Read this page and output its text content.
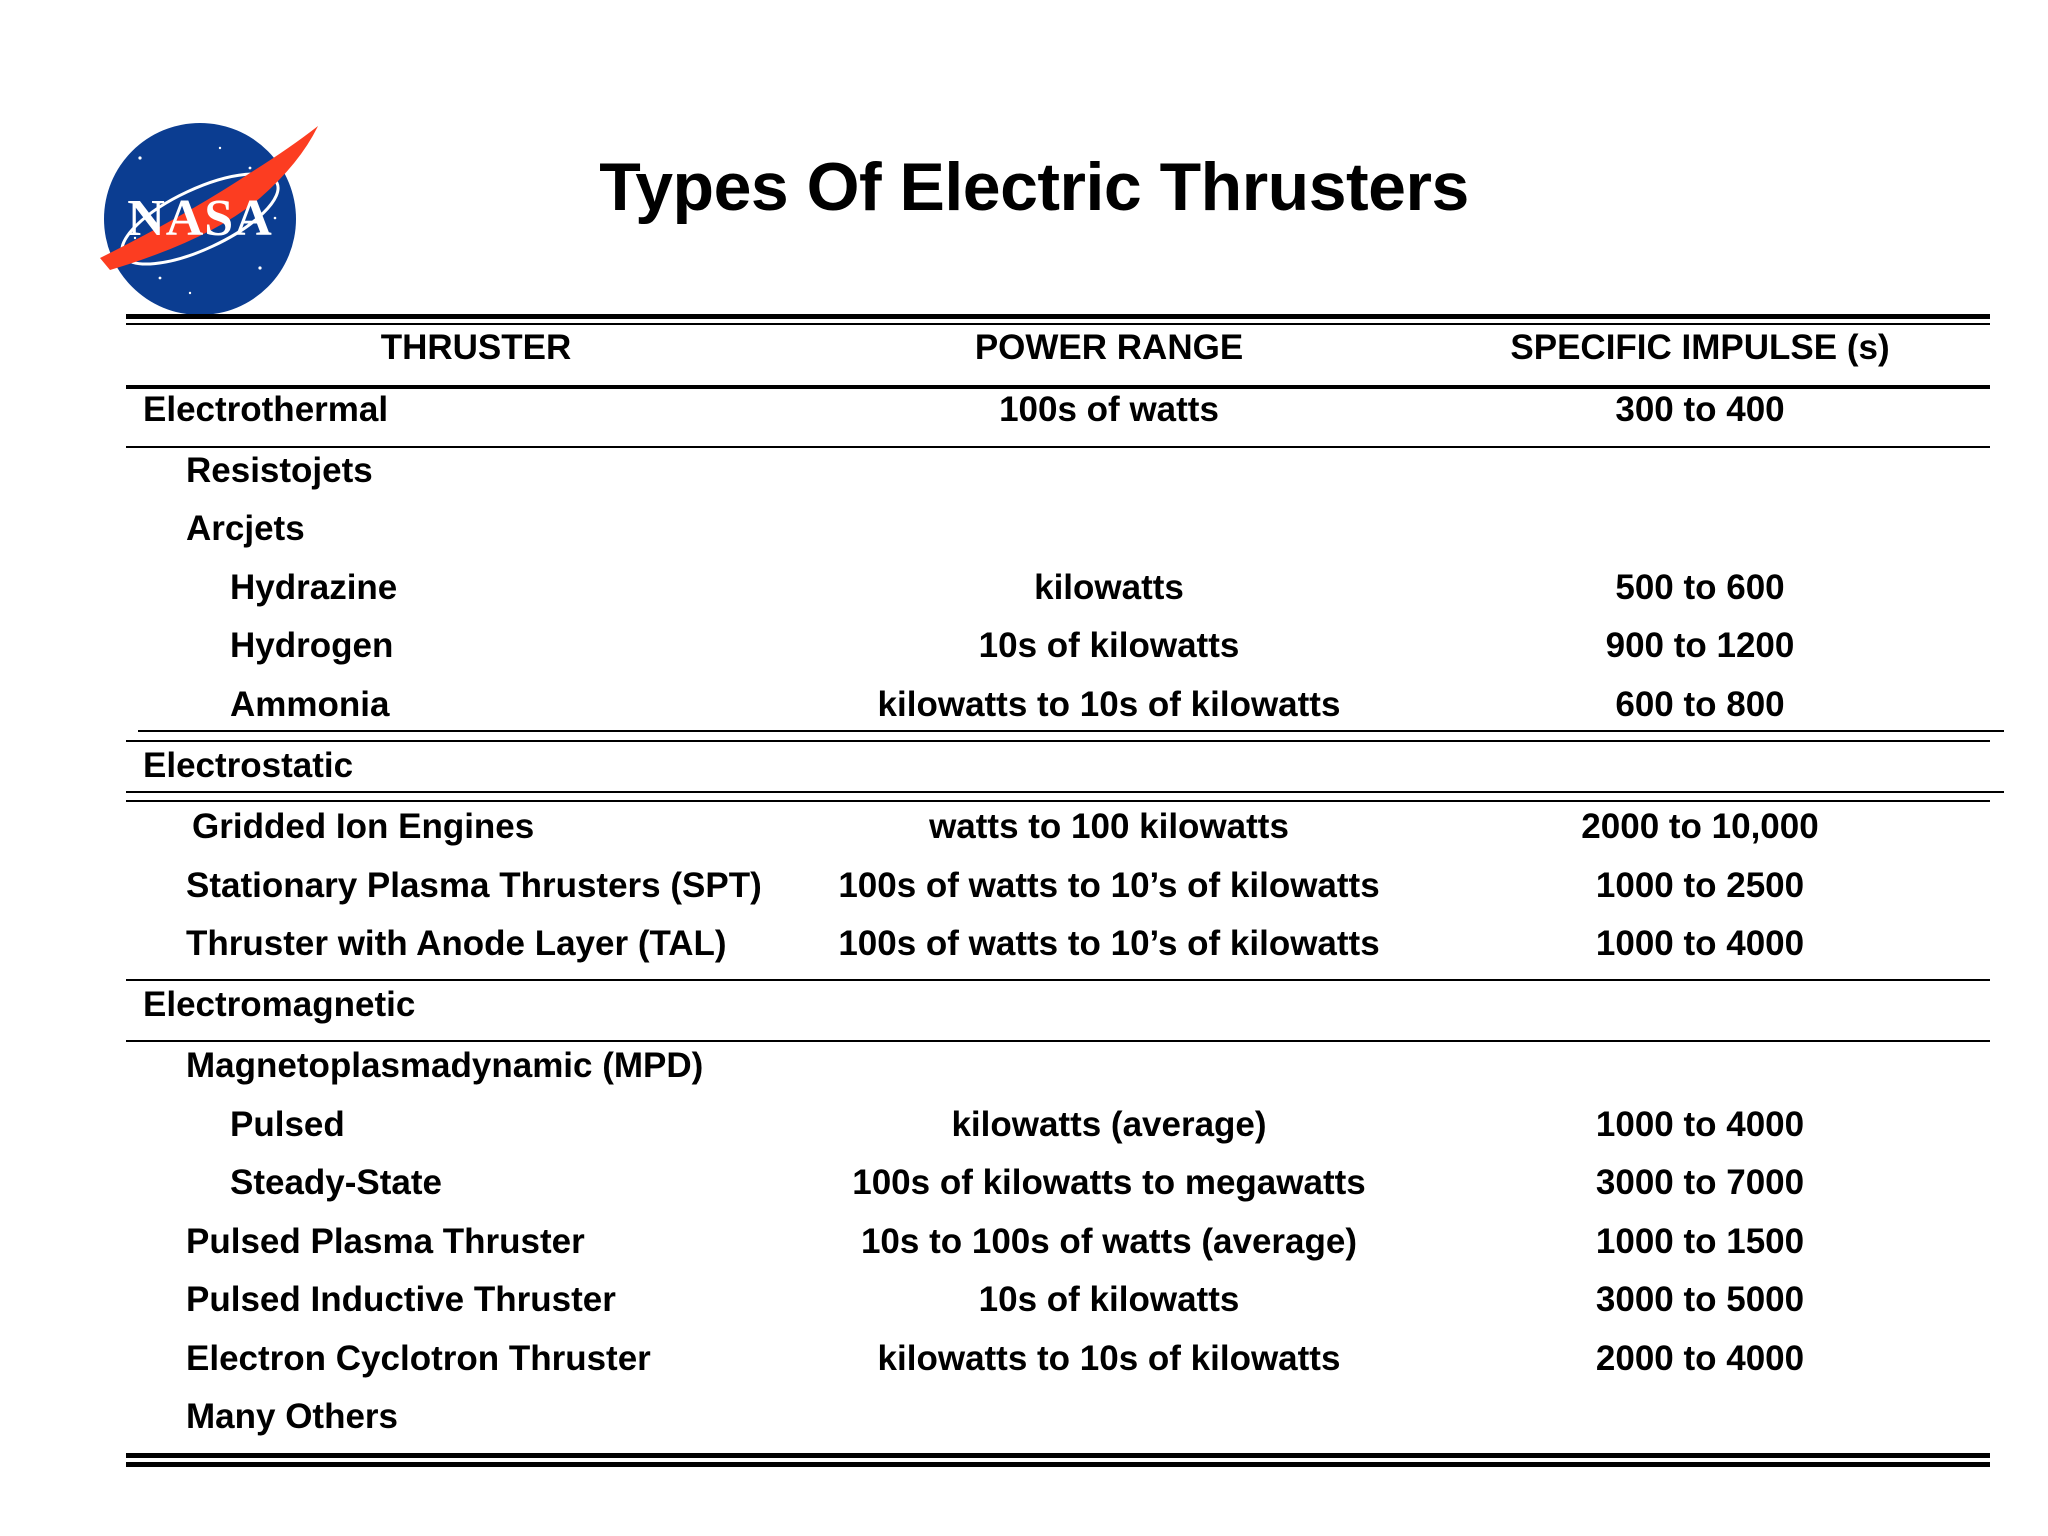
NASA	Types Of Electric Thrusters
THRUSTER	POWER RANGE	SPECIFIC IMPULSE (s)
Electrothermal	100s of watts	300 to 400
Resistojets
Arcjets
Hydrazine	kilowatts	500 to 600
Hydrogen	10s of kilowatts	900 to 1200
Ammonia	kilowatts to 10s of kilowatts	600 to 800
Electrostatic
Gridded Ion Engines	watts to 100 kilowatts	2000 to 10,000
Stationary Plasma Thrusters (SPT)	100s of watts to 10’s of kilowatts	1000 to 2500
Thruster with Anode Layer (TAL)	100s of watts to 10’s of kilowatts	1000 to 4000
Electromagnetic
Magnetoplasmadynamic (MPD)
Pulsed	kilowatts (average)	1000 to 4000
Steady-State	100s of kilowatts to megawatts	3000 to 7000
Pulsed Plasma Thruster	10s to 100s of watts (average)	1000 to 1500
Pulsed Inductive Thruster	10s of kilowatts	3000 to 5000
Electron Cyclotron Thruster	kilowatts to 10s of kilowatts	2000 to 4000
Many Others
